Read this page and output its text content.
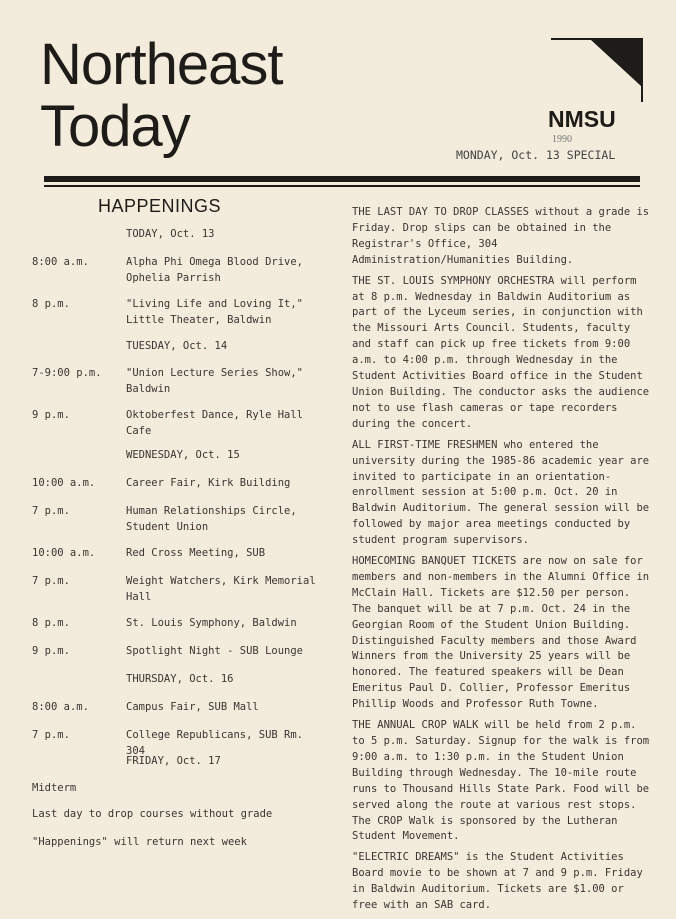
Northeast
Today	NMSU
1990
MONDAY, Oct. 13 SPECIAL
HAPPENINGS
TODAY, Oct. 13
8:00 a.m.	Alpha Phi Omega Blood Drive, Ophelia Parrish
8 p.m.	"Living Life and Loving It," Little Theater, Baldwin
TUESDAY, Oct. 14
7-9:00 p.m. "Union Lecture Series Show," Baldwin
9 p.m.	Oktoberfest Dance, Ryle Hall Cafe
WEDNESDAY, Oct. 15
10:00 a.m.	Career Fair, Kirk Building
7 p.m.	Human Relationships Circle, Student Union
10:00 a.m.	Red Cross Meeting, SUB
7 p.m.	Weight Watchers, Kirk Memorial Hall
8 p.m.	St. Louis Symphony, Baldwin
9 p.m.	Spotlight Night - SUB Lounge
THURSDAY, Oct. 16
8:00 a.m.	Campus Fair, SUB Mall
7 p.m.	College Republicans, SUB Rm. 304
FRIDAY, Oct. 17
Midterm
Last day to drop courses without grade
"Happenings" will return next week

THE LAST DAY TO DROP CLASSES without a grade is Friday. Drop slips can be obtained in the Registrar's Office, 304 Administration/Humanities Building.

THE ST. LOUIS SYMPHONY ORCHESTRA will perform at 8 p.m. Wednesday in Baldwin Auditorium as part of the Lyceum series, in conjunction with the Missouri Arts Council. Students, faculty and staff can pick up free tickets from 9:00 a.m. to 4:00 p.m. through Wednesday in the Student Activities Board office in the Student Union Building. The conductor asks the audience not to use flash cameras or tape recorders during the concert.

ALL FIRST-TIME FRESHMEN who entered the university during the 1985-86 academic year are invited to participate in an orientation-enrollment session at 5:00 p.m. Oct. 20 in Baldwin Auditorium. The general session will be followed by major area meetings conducted by student program supervisors.

HOMECOMING BANQUET TICKETS are now on sale for members and non-members in the Alumni Office in McClain Hall. Tickets are $12.50 per person. The banquet will be at 7 p.m. Oct. 24 in the Georgian Room of the Student Union Building. Distinguished Faculty members and those Award Winners from the University 25 years will be honored. The featured speakers will be Dean Emeritus Paul D. Collier, Professor Emeritus Phillip Woods and Professor Ruth Towne.

THE ANNUAL CROP WALK will be held from 2 p.m. to 5 p.m. Saturday. Signup for the walk is from 9:00 a.m. to 1:30 p.m. in the Student Union Building through Wednesday. The 10-mile route runs to Thousand Hills State Park. Food will be served along the route at various rest stops. The CROP Walk is sponsored by the Lutheran Student Movement.

"ELECTRIC DREAMS" is the Student Activities Board movie to be shown at 7 and 9 p.m. Friday in Baldwin Auditorium. Tickets are $1.00 or free with an SAB card.
